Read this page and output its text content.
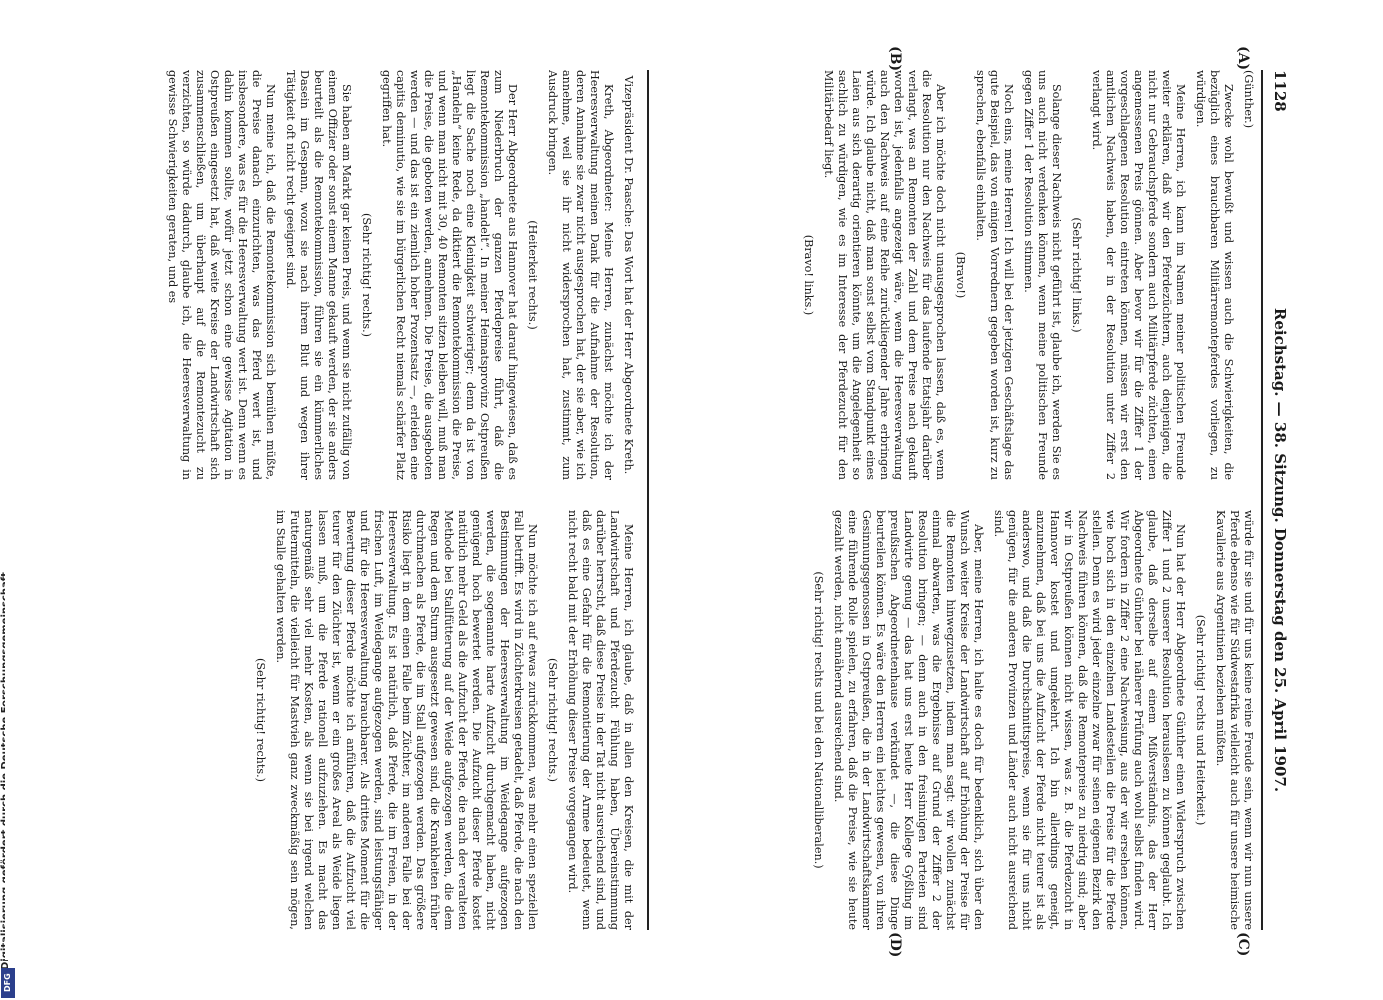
DFG
1128
Reichstag. — 38. Sitzung. Donnerstag den 25. April 1907.
(A)
(B)
(C)
(D)

(Günther.)

Zwecke wohl bewußt und wissen auch die Schwierigkeiten, die bezüglich eines brauchbaren Militärremontepferdes vorliegen, zu würdigen.

Meine Herren, ich kann im Namen meiner politischen Freunde weiter erklären, daß wir den Pferdezüchtern, auch denjenigen, die nicht nur Gebrauchspferde sondern auch Militärpferde züchten, einen angemessenen Preis gönnen. Aber bevor wir für die Ziffer 1 der vorgeschlagenen Resolution eintreten können, müssen wir erst den amtlichen Nachweis haben, der in der Resolution unter Ziffer 2 verlangt wird.

(Sehr richtig! links.)

Solange dieser Nachweis nicht geführt ist, glaube ich, werden Sie es uns auch nicht verdenken können, wenn meine politischen Freunde gegen Ziffer 1 der Resolution stimmen.

Noch eins, meine Herren! Ich will bei der jetzigen Geschäftslage das gute Beispiel, das von einigen Vorrednern gegeben worden ist, kurz zu sprechen, ebenfalls einhalten.

(Bravo!)

Aber ich möchte doch nicht unausgesprochen lassen, daß es, wenn die Resolution nur den Nachweis für das laufende Etatsjahr darüber verlangt, was an Remonten der Zahl und dem Preise nach gekauft worden ist, jedenfalls angezeigt wäre, wenn die Heeresverwaltung auch den Nachweis auf eine Reihe zurückliegender Jahre erbringen würde. Ich glaube nicht, daß man sonst selbst vom Standpunkt eines Laien aus sich derartig orientieren könnte, um die Angelegenheit so sachlich zu würdigen, wie es im Interesse der Pferdezucht für den Militärbedarf liegt.

(Bravo! links.)

würde für sie und für uns keine reine Freude sein, wenn wir nun unsere Pferde ebenso wie für Südwestafrika vielleicht auch für unsere heimische Kavallerie aus Argentinien beziehen müßten.

(Sehr richtig! rechts und Heiterkeit.)

Nun hat der Herr Abgeordnete Günther einen Widerspruch zwischen Ziffer 1 und 2 unserer Resolution herauslesen zu können geglaubt. Ich glaube, daß derselbe auf einem Mißverständnis, das der Herr Abgeordnete Günther bei näherer Prüfung auch wohl selbst finden wird. Wir fordern in Ziffer 2 eine Nachweisung, aus der wir ersehen können, wie hoch sich in den einzelnen Landesteilen die Preise für die Pferde stellen. Denn es wird jeder einzelne zwar für seinen eigenen Bezirk den Nachweis führen können, daß die Remontepreise zu niedrig sind; aber wir in Ostpreußen können nicht wissen, was z. B. die Pferdezucht in Hannover kostet und umgekehrt. Ich bin allerdings geneigt, anzunehmen, daß bei uns die Aufzucht der Pferde nicht teurer ist als anderswo, und daß die Durchschnittspreise, wenn sie für uns nicht genügen, für die anderen Provinzen und Länder auch nicht ausreichend sind.

Aber, meine Herren, ich halte es doch für bedenklich, sich über den Wunsch weiter Kreise der Landwirtschaft auf Erhöhung der Preise für die Remonten hinwegzusetzen, indem man sagt: wir wollen zunächst einmal abwarten, was die Ergebnisse auf Grund der Ziffer 2 der Resolution bringen; — denn auch in den freisinnigen Parteien sind Landwirte genug — das hat uns erst heute Herr Kollege Gyßling im preußischen Abgeordnetenhause verkündet —, die diese Dinge beurteilen können. Es wäre den Herren ein leichtes gewesen, von ihren Gesinnungsgenossen in Ostpreußen, die in der Landwirtschaftskammer eine führende Rolle spielen, zu erfahren, daß die Preise, wie sie heute gezahlt werden, nicht annähernd ausreichend sind.

(Sehr richtig! rechts und bei den Nationalliberalen.)

Vizepräsident Dr. Paasche: Das Wort hat der Herr Abgeordnete Kreth.

Kreth, Abgeordneter: Meine Herren, zunächst möchte ich der Heeresverwaltung meinen Dank für die Aufnahme der Resolution, deren Annahme sie zwar nicht ausgesprochen hat, der sie aber, wie ich annehme, weil sie ihr nicht widersprochen hat, zustimmt, zum Ausdruck bringen.

(Heiterkeit rechts.)

Der Herr Abgeordnete aus Hannover hat darauf hingewiesen, daß es zum Niederbruch der ganzen Pferdepreise führt, daß die Remontekommission „handelt“. In meiner Heimatsprovinz Ostpreußen liegt die Sache noch eine Kleinigkeit schwieriger; denn da ist von „Handeln“ keine Rede, da diktiert die Remontekommission die Preise, und wenn man nicht mit 30, 40 Remonten sitzen bleiben will, muß man die Preise, die geboten werden, annehmen. Die Preise, die ausgeboten werden — und das ist ein ziemlich hoher Prozentsatz —, erleiden eine capitis deminutio, wie sie im bürgerlichen Recht niemals schärfer Platz gegriffen hat.

(Sehr richtig! rechts.)

Sie haben am Markt gar keinen Preis, und wenn sie nicht zufällig von einem Offizier oder sonst einem Manne gekauft werden, der sie anders beurteilt als die Remontekommission, führen sie ein kümmerliches Dasein im Gespann, wozu sie nach ihrem Blut und wegen ihrer Tätigkeit oft nicht recht geeignet sind.

Nun meine ich, daß die Remontekommission sich bemühen müßte, die Preise danach einzurichten, was das Pferd wert ist, und insbesondere, was es für die Heeresverwaltung wert ist. Denn wenn es dahin kommen sollte, wofür jetzt schon eine gewisse Agitation in Ostpreußen eingesetzt hat, daß weite Kreise der Landwirtschaft sich zusammenschließen, um überhaupt auf die Remontezucht zu verzichten, so würde dadurch, glaube ich, die Heeresverwaltung in gewisse Schwierigkeiten geraten, und es

Meine Herren, ich glaube, daß in allen den Kreisen, die mit der Landwirtschaft und Pferdezucht Fühlung haben, Übereinstimmung darüber herrscht, daß diese Preise in der Tat nicht ausreichend sind, und daß es eine Gefahr für die Remontierung der Armee bedeutet, wenn nicht recht bald mit der Erhöhung dieser Preise vorgegangen wird.

(Sehr richtig! rechts.)

Nun möchte ich auf etwas zurückkommen, was mehr einen speziellen Fall betrifft. Es wird in Züchterkreisen getadelt, daß Pferde, die nach den Bestimmungen der Heeresverwaltung im Weidegange aufgezogen werden, die sogenannte harte Aufzucht durchgemacht haben, nicht genügend hoch bewertet werden. Die Aufzucht dieser Pferde kostet natürlich mehr Geld als die Aufzucht der Pferde, die nach der veralteten Methode bei Stallfütterung auf der Weide aufgezogen werden, die dem Regen und dem Sturm ausgesetzt gewesen sind, die Krankheiten früher durchmachen als Pferde, die im Stall aufgezogen werden. Das größere Risiko liegt in dem einen Falle beim Züchter, im anderen Falle bei der Heeresverwaltung. Es ist natürlich, daß Pferde, die im Freien, in der frischen Luft, im Weidegange aufgezogen werden, sind leistungsfähiger und für die Heeresverwaltung brauchbarer. Als drittes Moment für die Bewertung dieser Pferde möchte ich anführen, daß die Aufzucht viel teurer für den Züchter ist, wenn er ein großes Areal als Weide liegen lassen muß, um die Pferde rationell aufzuziehen. Es macht das naturgemäß sehr viel mehr Kosten, als wenn sie bei irgend welchen Futtermitteln, die vielleicht für Mastvieh ganz zweckmäßig sein mögen, im Stalle gehalten werden.

(Sehr richtig! rechts.)
